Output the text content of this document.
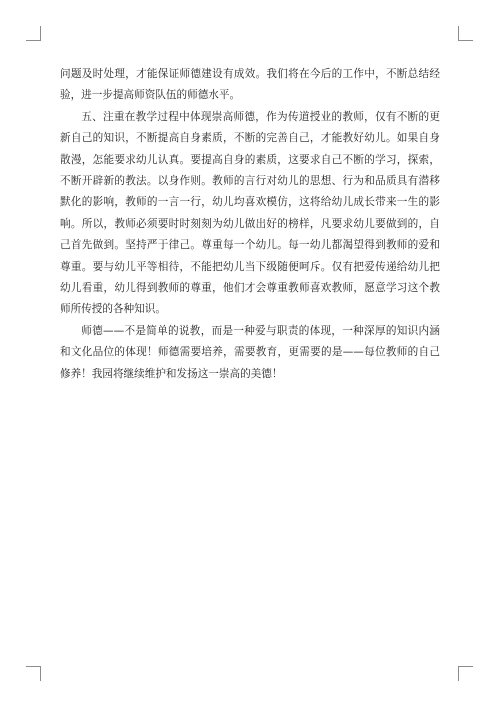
问题及时处理，才能保证师德建设有成效。我们将在今后的工作中，不断总结经验，进一步提高师资队伍的师德水平。

五、注重在教学过程中体现崇高师德，作为传道授业的教师，仅有不断的更新自己的知识，不断提高自身素质，不断的完善自己，才能教好幼儿。如果自身散漫，怎能要求幼儿认真。要提高自身的素质，这要求自己不断的学习，探索，不断开辟新的教法。以身作则。教师的言行对幼儿的思想、行为和品质具有潜移默化的影响，教师的一言一行，幼儿均喜欢模仿，这将给幼儿成长带来一生的影响。所以，教师必须要时时刻刻为幼儿做出好的榜样，凡要求幼儿要做到的，自己首先做到。坚持严于律己。尊重每一个幼儿。每一幼儿都渴望得到教师的爱和尊重。要与幼儿平等相待，不能把幼儿当下级随便呵斥。仅有把爱传递给幼儿把幼儿看重，幼儿得到教师的尊重，他们才会尊重教师喜欢教师，愿意学习这个教师所传授的各种知识。

师德——不是简单的说教，而是一种爱与职责的体现，一种深厚的知识内涵和文化品位的体现！师德需要培养，需要教育，更需要的是——每位教师的自己修养！我园将继续维护和发扬这一崇高的美德！
